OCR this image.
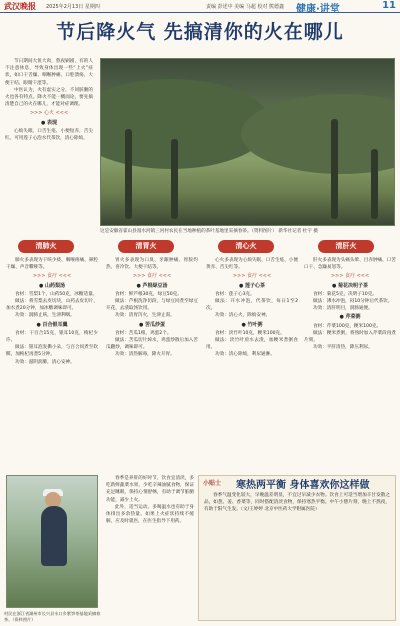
武汉晚报 2025年2月13日 星期四	责编 彭述中 美编 马超 校对 熊德鑫 健康·讲堂	11
节后降火气 先搞清你的火在哪儿

节日期间大鱼大肉，熬夜刷剧，有的人不注意休息，导致身体出现一些“上火”症状，如口干舌燥、咽喉肿痛、口腔溃疡、大便干结、眼睛干涩等。

中医认为，火有虚实之分，不同脏腑的火也各有特点。降火不能一概而论，要先搞清楚自己的火在哪儿，才能对症调理。

>>> 心火 <<<
● 表现

心烦失眠、口舌生疮、小便短赤，舌尖红。可用莲子心泡水代茶饮，清心除烦。

这是安徽省霍山县漫水河镇三河村农民在当地种植的茶叶基地里采摘春茶。（资料图片） 新华社记者 杜宇 摄
清肺火	清胃火	清心火	清肝火

肺火多表现为干咳少痰、咽喉疼痛、鼻腔干燥、声音嘶哑等。

>>> 食疗 <<<
● 山药梨汤

食材：雪梨1个，山药50克，冰糖适量。

做法：将雪梨去皮切块，山药去皮切片，加水煮20分钟，加冰糖调味即可。

功效：润肺止咳，生津利咽。

● 百合银耳羹

食材：干百合15克，银耳10克，枸杞少许。

做法：银耳泡发撕小朵，与百合同煮至软糯，加枸杞再煮5分钟。

功效：滋阴润肺，清心安神。

胃火多表现为口臭、牙龈肿痛、胃脘灼热、喜冷饮、大便干结等。

>>> 食疗 <<<
● 芦根绿豆汤

食材：鲜芦根30克，绿豆50克。

做法：芦根洗净切段，与绿豆同煮至绿豆开花，去渣取汤饮用。

功效：清胃泻火，生津止渴。

● 苦瓜炒蛋

食材：苦瓜1根，鸡蛋2个。

做法：苦瓜切片焯水，鸡蛋炒散后加入苦瓜翻炒，调味即可。

功效：清热解毒，降火开胃。

心火多表现为心烦失眠、口舌生疮、小便黄赤、舌尖红等。

>>> 食疗 <<<
● 莲子心茶

食材：莲子心3克。

做法：开水冲泡，代茶饮，每日1至2次。

功效：清心火，除烦安神。

● 竹叶粥

食材：淡竹叶10克，粳米100克。

做法：淡竹叶煎水去渣，加粳米煮粥食用。

功效：清心除烦，利尿通淋。

肝火多表现为头痛头晕、目赤肿痛、口苦口干、急躁易怒等。

>>> 食疗 <<<
● 菊花决明子茶

食材：菊花5克，决明子10克。

做法：沸水冲泡，闷10分钟后代茶饮。

功效：清肝明目，润肠通便。

● 芹菜粥

食材：芹菜100克，粳米100克。

做法：粳米煮粥，将熟时加入芹菜段再煮片刻。

功效：平肝清热，降压利尿。

村民在浙江省湖州市长兴县水口乡紫笋茶基地采摘春茶。（资料图片）

春季是养肝的好时节，饮食宜清淡，多吃新鲜蔬菜水果，少吃辛辣油腻食物，保证充足睡眠，保持心情舒畅，有助于调节脏腑功能，减少上火。

此外，适当运动、多喝温水也有助于身体排出多余热量。如果上火症状持续不缓解，应及时就医，在医生指导下用药。

小贴士 寒热两平衡 身体喜欢你这样做

春季气温变化较大，早晚温差明显，不宜过早减少衣物。饮食上可适当增加辛甘发散之品，如葱、姜、香菜等，同时搭配清淡食物，保持寒热平衡。中午小憩片刻，晚上不熬夜，有助于阳气生发。（文/王婷婷 北京中医药大学附属医院）
